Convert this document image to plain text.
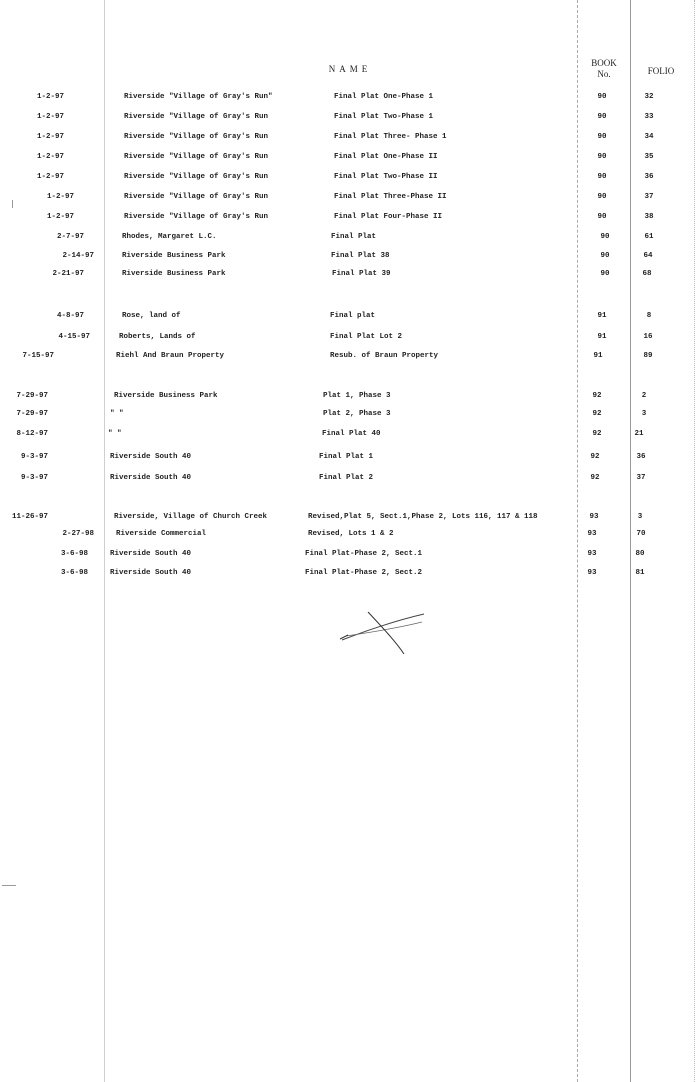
NAME
BOOK
No.	FOLIO
1-2-97	Riverside "Village of Gray's Run"	Final Plat One-Phase 1	90	32
1-2-97	Riverside "Village of Gray's Run	Final Plat Two-Phase 1	90	33
1-2-97	Riverside "Village of Gray's Run	Final Plat Three- Phase 1	90	34
1-2-97	Riverside "Village of Gray's Run	Final Plat One-Phase II	90	35
1-2-97	Riverside "Village of Gray's Run	Final Plat Two-Phase II	90	36
1-2-97	Riverside "Village of Gray's Run	Final Plat Three-Phase II	90	37
1-2-97	Riverside "Village of Gray's Run	Final Plat Four-Phase II	90	38
2-7-97	Rhodes, Margaret L.C.	Final Plat	90	61
2-14-97	Riverside Business Park	Final Plat 38	90	64
2-21-97	Riverside Business Park	Final Plat 39	90	68
4-8-97	Rose, land of	Final plat	91	8
4-15-97	Roberts, Lands of	Final Plat Lot 2	91	16
7-15-97	Riehl And Braun Property	Resub. of Braun Property	91	89
7-29-97	Riverside Business Park	Plat 1, Phase 3	92	2
7-29-97	" "	Plat 2, Phase 3	92	3
8-12-97	" "	Final Plat 40	92	21
9-3-97	Riverside South 40	Final Plat 1	92	36
9-3-97	Riverside South 40	Final Plat 2	92	37
11-26-97	Riverside, Village of Church Creek	Revised,Plat 5, Sect.1,Phase 2, Lots 116, 117 & 118	93	3
2-27-98	Riverside Commercial	Revised, Lots 1 & 2	93	70
3-6-98	Riverside South 40	Final Plat-Phase 2, Sect.1	93	80
3-6-98	Riverside South 40	Final Plat-Phase 2, Sect.2	93	81
